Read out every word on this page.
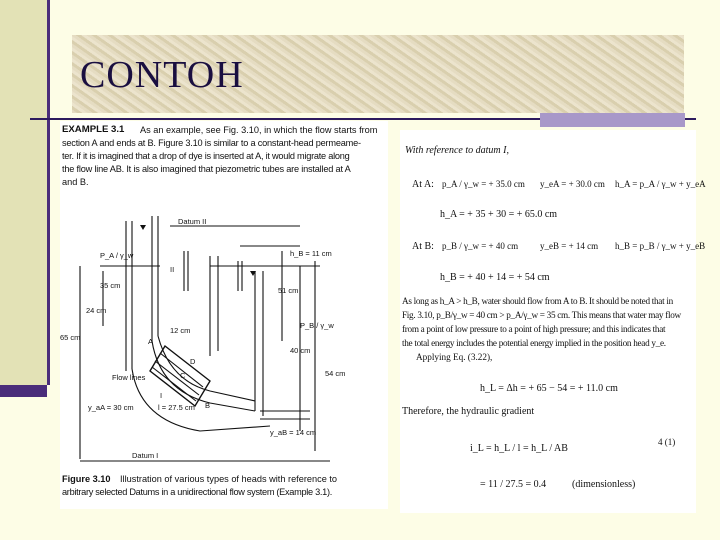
CONTOH
EXAMPLE 3.1 As an example, see Fig. 3.10, in which the flow starts from
section A and ends at B. Figure 3.10 is similar to a constant-head permeame-
ter. If it is imagined that a drop of dye is inserted at A, it would migrate along
the flow line AB. It is also imagined that piezometric tubes are installed at A
and B.
Datum II
h_B = 11 cm
P_A / γ_w
35 cm
24 cm
65 cm
51 cm
P_B / γ_w
40 cm
54 cm
12 cm
Flow lines
y_aA = 30 cm	l = 27.5 cm
y_aB = 14 cm
Datum I
A
B
C
D
I
II
Figure 3.10 Illustration of various types of heads with reference to
arbitrary selected Datums in a unidirectional flow system (Example 3.1).
With reference to datum I,
At A: p_A / γ_w = + 35.0 cm y_eA = + 30.0 cm h_A = p_A / γ_w + y_eA
h_A = + 35 + 30 = + 65.0 cm
At B: p_B / γ_w = + 40 cm y_eB = + 14 cm h_B = p_B / γ_w + y_eB
h_B = + 40 + 14 = + 54 cm
As long as h_A > h_B, water should flow from A to B. It should be noted that in
Fig. 3.10, p_B/γ_w = 40 cm > p_A/γ_w = 35 cm. This means that water may flow
from a point of low pressure to a point of high pressure; and this indicates that
the total energy includes the potential energy implied in the position head y_e.
Applying Eq. (3.22),
h_L = Δh = + 65 − 54 = + 11.0 cm
Therefore, the hydraulic gradient
i_L = h_L / l = h_L / AB
4 (1)
= 11 / 27.5 = 0.4	(dimensionless)
